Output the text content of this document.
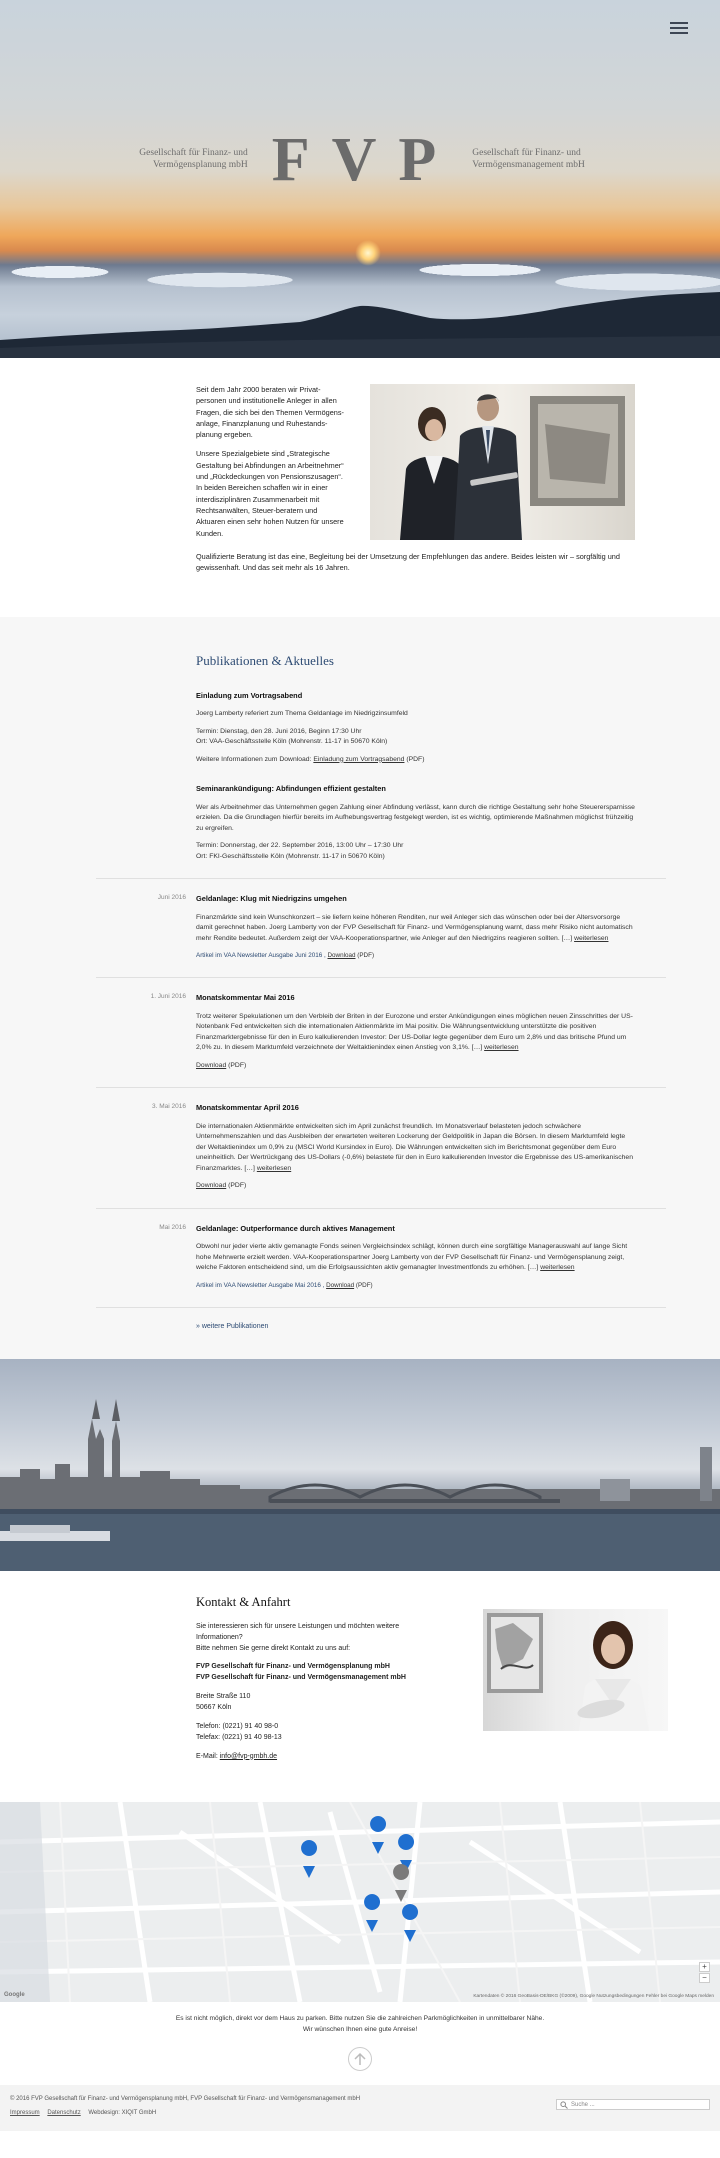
Gesellschaft für Finanz- und Vermögensplanung mbH FVP Gesellschaft für Finanz- und Vermögensmanagement mbH

Seit dem Jahr 2000 beraten wir Privat-personen und institutionelle Anleger in allen Fragen, die sich bei den Themen Vermögens-anlage, Finanzplanung und Ruhestands-planung ergeben.

Unsere Spezialgebiete sind „Strategische Gestaltung bei Abfindungen an Arbeitnehmer“ und „Rückdeckungen von Pensionszusagen“. In beiden Bereichen schaffen wir in einer interdisziplinären Zusammenarbeit mit Rechtsanwälten, Steuer-beratern und Aktuaren einen sehr hohen Nutzen für unsere Kunden.

Qualifizierte Beratung ist das eine, Begleitung bei der Umsetzung der Empfehlungen das andere. Beides leisten wir – sorgfältig und gewissenhaft. Und das seit mehr als 16 Jahren.

Publikationen & Aktuelles
Einladung zum Vortragsabend

Joerg Lamberty referiert zum Thema Geldanlage im Niedrigzinsumfeld

Termin: Dienstag, den 28. Juni 2016, Beginn 17:30 Uhr
Ort: VAA-Geschäftsstelle Köln (Mohrenstr. 11-17 in 50670 Köln)

Weitere Informationen zum Download: Einladung zum Vortragsabend (PDF)

Seminarankündigung: Abfindungen effizient gestalten

Wer als Arbeitnehmer das Unternehmen gegen Zahlung einer Abfindung verlässt, kann durch die richtige Gestaltung sehr hohe Steuerersparnisse erzielen. Da die Grundlagen hierfür bereits im Aufhebungsvertrag festgelegt werden, ist es wichtig, optimierende Maßnahmen möglichst frühzeitig zu ergreifen.

Termin: Donnerstag, der 22. September 2016, 13:00 Uhr – 17:30 Uhr
Ort: FKI-Geschäftsstelle Köln (Mohrenstr. 11-17 in 50670 Köln)

Juni 2016 Geldanlage: Klug mit Niedrigzins umgehen

Finanzmärkte sind kein Wunschkonzert – sie liefern keine höheren Renditen, nur weil Anleger sich das wünschen oder bei der Altersvorsorge damit gerechnet haben. Joerg Lamberty von der FVP Gesellschaft für Finanz- und Vermögensplanung warnt, dass mehr Risiko nicht automatisch mehr Rendite bedeutet. Außerdem zeigt der VAA-Kooperationspartner, wie Anleger auf den Niedrigzins reagieren sollten. […] weiterlesen

Artikel im VAA Newsletter Ausgabe Juni 2016 , Download (PDF)

1. Juni 2016 Monatskommentar Mai 2016

Trotz weiterer Spekulationen um den Verbleib der Briten in der Eurozone und erster Ankündigungen eines möglichen neuen Zinsschrittes der US-Notenbank Fed entwickelten sich die internationalen Aktienmärkte im Mai positiv. Die Währungsentwicklung unterstützte die positiven Finanzmarktergebnisse für den in Euro kalkulierenden Investor: Der US-Dollar legte gegenüber dem Euro um 2,8% und das britische Pfund um 2,0% zu. In diesem Marktumfeld verzeichnete der Weltaktienindex einen Anstieg von 3,1%. […] weiterlesen

Download (PDF)

3. Mai 2016 Monatskommentar April 2016

Die internationalen Aktienmärkte entwickelten sich im April zunächst freundlich. Im Monatsverlauf belasteten jedoch schwächere Unternehmenszahlen und das Ausbleiben der erwarteten weiteren Lockerung der Geldpolitik in Japan die Börsen. In diesem Marktumfeld legte der Weltaktienindex um 0,9% zu (MSCI World Kursindex in Euro). Die Währungen entwickelten sich im Berichtsmonat gegenüber dem Euro uneinheitlich. Der Wertrückgang des US-Dollars (-0,6%) belastete für den in Euro kalkulierenden Investor die Ergebnisse des US-amerikanischen Finanzmarktes. […] weiterlesen

Download (PDF)

Mai 2016 Geldanlage: Outperformance durch aktives Management

Obwohl nur jeder vierte aktiv gemanagte Fonds seinen Vergleichsindex schlägt, können durch eine sorgfältige Managerauswahl auf lange Sicht hohe Mehrwerte erzielt werden. VAA-Kooperationspartner Joerg Lamberty von der FVP Gesellschaft für Finanz- und Vermögensplanung zeigt, welche Faktoren entscheidend sind, um die Erfolgsaussichten aktiv gemanagter Investmentfonds zu erhöhen. […] weiterlesen

Artikel im VAA Newsletter Ausgabe Mai 2016 , Download (PDF)

» weitere Publikationen
Kontakt & Anfahrt

Sie interessieren sich für unsere Leistungen und möchten weitere Informationen?
Bitte nehmen Sie gerne direkt Kontakt zu uns auf:

FVP Gesellschaft für Finanz- und Vermögensplanung mbH
FVP Gesellschaft für Finanz- und Vermögensmanagement mbH

Breite Straße 110
50667 Köln

Telefon: (0221) 91 40 98-0
Telefax: (0221) 91 40 98-13

E-Mail: info@fvp-gmbh.de

Google	Kartendaten © 2016 GeoBasis-DE/BKG (©2009), Google Nutzungsbedingungen Fehler bei Google Maps melden
+
−
Es ist nicht möglich, direkt vor dem Haus zu parken. Bitte nutzen Sie die zahlreichen Parkmöglichkeiten in unmittelbarer Nähe.
Wir wünschen Ihnen eine gute Anreise!
© 2016 FVP Gesellschaft für Finanz- und Vermögensplanung mbH, FVP Gesellschaft für Finanz- und Vermögensmanagement mbH
Impressum Datenschutz Webdesign: XIQIT GmbH
Suche ...
